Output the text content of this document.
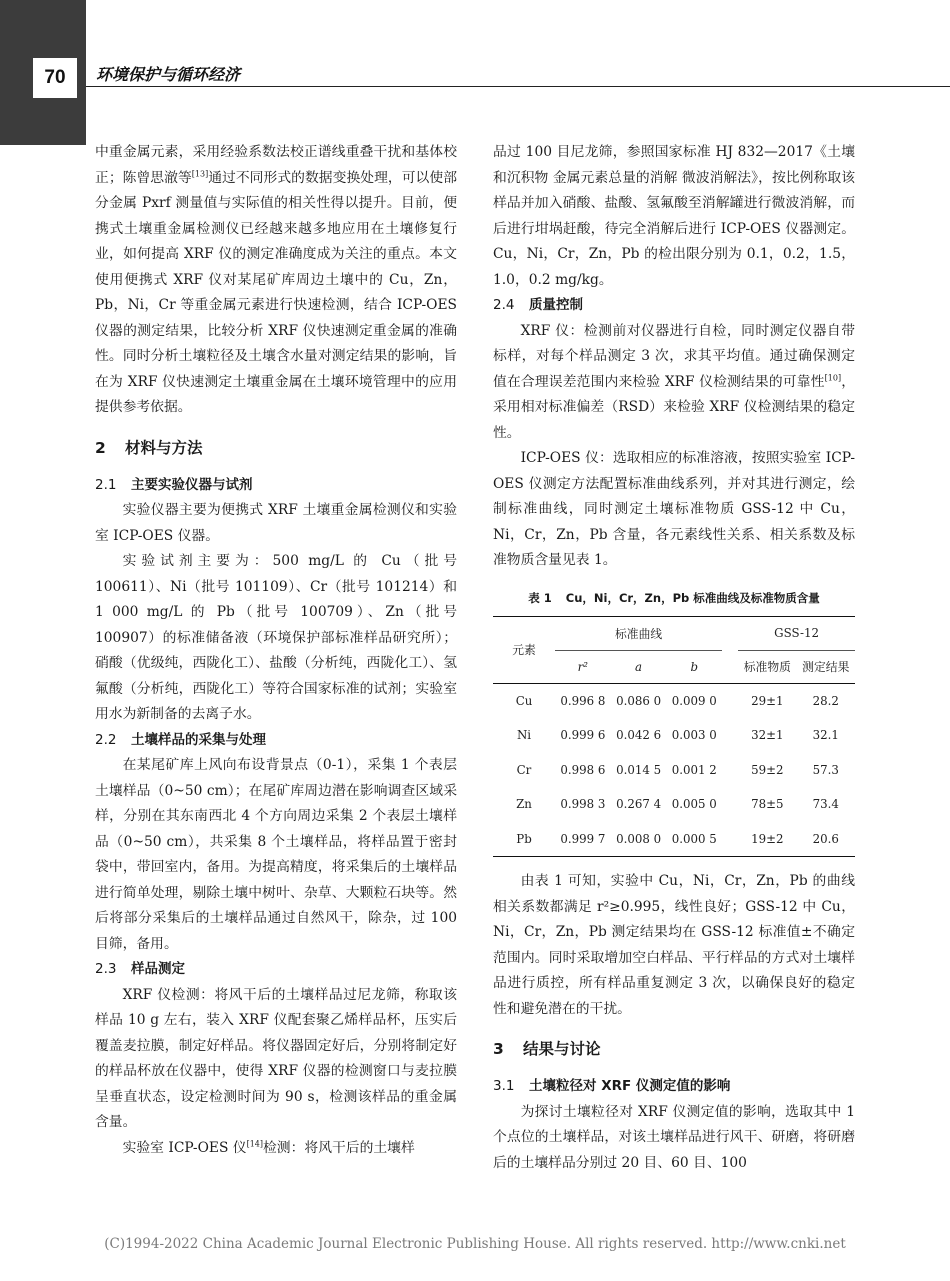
70	环境保护与循环经济

中重金属元素，采用经验系数法校正谱线重叠干扰和基体校正；陈曾思澈等[13]通过不同形式的数据变换处理，可以使部分金属 Pxrf 测量值与实际值的相关性得以提升。目前，便携式土壤重金属检测仪已经越来越多地应用在土壤修复行业，如何提高 XRF 仪的测定准确度成为关注的重点。本文使用便携式 XRF 仪对某尾矿库周边土壤中的 Cu，Zn，Pb，Ni，Cr 等重金属元素进行快速检测，结合 ICP-OES 仪器的测定结果，比较分析 XRF 仪快速测定重金属的准确性。同时分析土壤粒径及土壤含水量对测定结果的影响，旨在为 XRF 仪快速测定土壤重金属在土壤环境管理中的应用提供参考依据。

2 材料与方法
2.1 主要实验仪器与试剂

实验仪器主要为便携式 XRF 土壤重金属检测仪和实验室 ICP-OES 仪器。

实验试剂主要为：500 mg/L 的 Cu（批号 100611）、Ni（批号 101109）、Cr（批号 101214）和 1 000 mg/L 的 Pb（批号 100709）、Zn（批号 100907）的标准储备液（环境保护部标准样品研究所）；硝酸（优级纯，西陇化工）、盐酸（分析纯，西陇化工）、氢氟酸（分析纯，西陇化工）等符合国家标准的试剂；实验室用水为新制备的去离子水。

2.2 土壤样品的采集与处理

在某尾矿库上风向布设背景点（0-1），采集 1 个表层土壤样品（0~50 cm）；在尾矿库周边潜在影响调查区域采样，分别在其东南西北 4 个方向周边采集 2 个表层土壤样品（0~50 cm），共采集 8 个土壤样品，将样品置于密封袋中，带回室内，备用。为提高精度，将采集后的土壤样品进行简单处理，剔除土壤中树叶、杂草、大颗粒石块等。然后将部分采集后的土壤样品通过自然风干，除杂，过 100 目筛，备用。

2.3 样品测定

XRF 仪检测：将风干后的土壤样品过尼龙筛，称取该样品 10 g 左右，装入 XRF 仪配套聚乙烯样品杯，压实后覆盖麦拉膜，制定好样品。将仪器固定好后，分别将制定好的样品杯放在仪器中，使得 XRF 仪器的检测窗口与麦拉膜呈垂直状态，设定检测时间为 90 s，检测该样品的重金属含量。

实验室 ICP-OES 仪[14]检测：将风干后的土壤样

品过 100 目尼龙筛，参照国家标准 HJ 832—2017《土壤和沉积物 金属元素总量的消解 微波消解法》，按比例称取该样品并加入硝酸、盐酸、氢氟酸至消解罐进行微波消解，而后进行坩埚赶酸，待完全消解后进行 ICP-OES 仪器测定。Cu，Ni，Cr，Zn，Pb 的检出限分别为 0.1，0.2，1.5，1.0，0.2 mg/kg。

2.4 质量控制

XRF 仪：检测前对仪器进行自检，同时测定仪器自带标样，对每个样品测定 3 次，求其平均值。通过确保测定值在合理误差范围内来检验 XRF 仪检测结果的可靠性[10]，采用相对标准偏差（RSD）来检验 XRF 仪检测结果的稳定性。

ICP-OES 仪：选取相应的标准溶液，按照实验室 ICP-OES 仪测定方法配置标准曲线系列，并对其进行测定，绘制标准曲线，同时测定土壤标准物质 GSS-12 中 Cu，Ni，Cr，Zn，Pb 含量，各元素线性关系、相关系数及标准物质含量见表 1。

表 1 Cu，Ni，Cr，Zn，Pb 标准曲线及标准物质含量
元素	标准曲线				GSS-12	
	r²	a	b		标准物质	测定结果
Cu	0.996 8	0.086 0	0.009 0		29±1	28.2
Ni	0.999 6	0.042 6	0.003 0		32±1	32.1
Cr	0.998 6	0.014 5	0.001 2		59±2	57.3
Zn	0.998 3	0.267 4	0.005 0		78±5	73.4
Pb	0.999 7	0.008 0	0.000 5		19±2	20.6

由表 1 可知，实验中 Cu，Ni，Cr，Zn，Pb 的曲线相关系数都满足 r²≥0.995，线性良好；GSS-12 中 Cu，Ni，Cr，Zn，Pb 测定结果均在 GSS-12 标准值±不确定范围内。同时采取增加空白样品、平行样品的方式对土壤样品进行质控，所有样品重复测定 3 次，以确保良好的稳定性和避免潜在的干扰。

3 结果与讨论
3.1 土壤粒径对 XRF 仪测定值的影响

为探讨土壤粒径对 XRF 仪测定值的影响，选取其中 1 个点位的土壤样品，对该土壤样品进行风干、研磨，将研磨后的土壤样品分别过 20 目、60 目、100

(C)1994-2022 China Academic Journal Electronic Publishing House. All rights reserved. http://www.cnki.net
